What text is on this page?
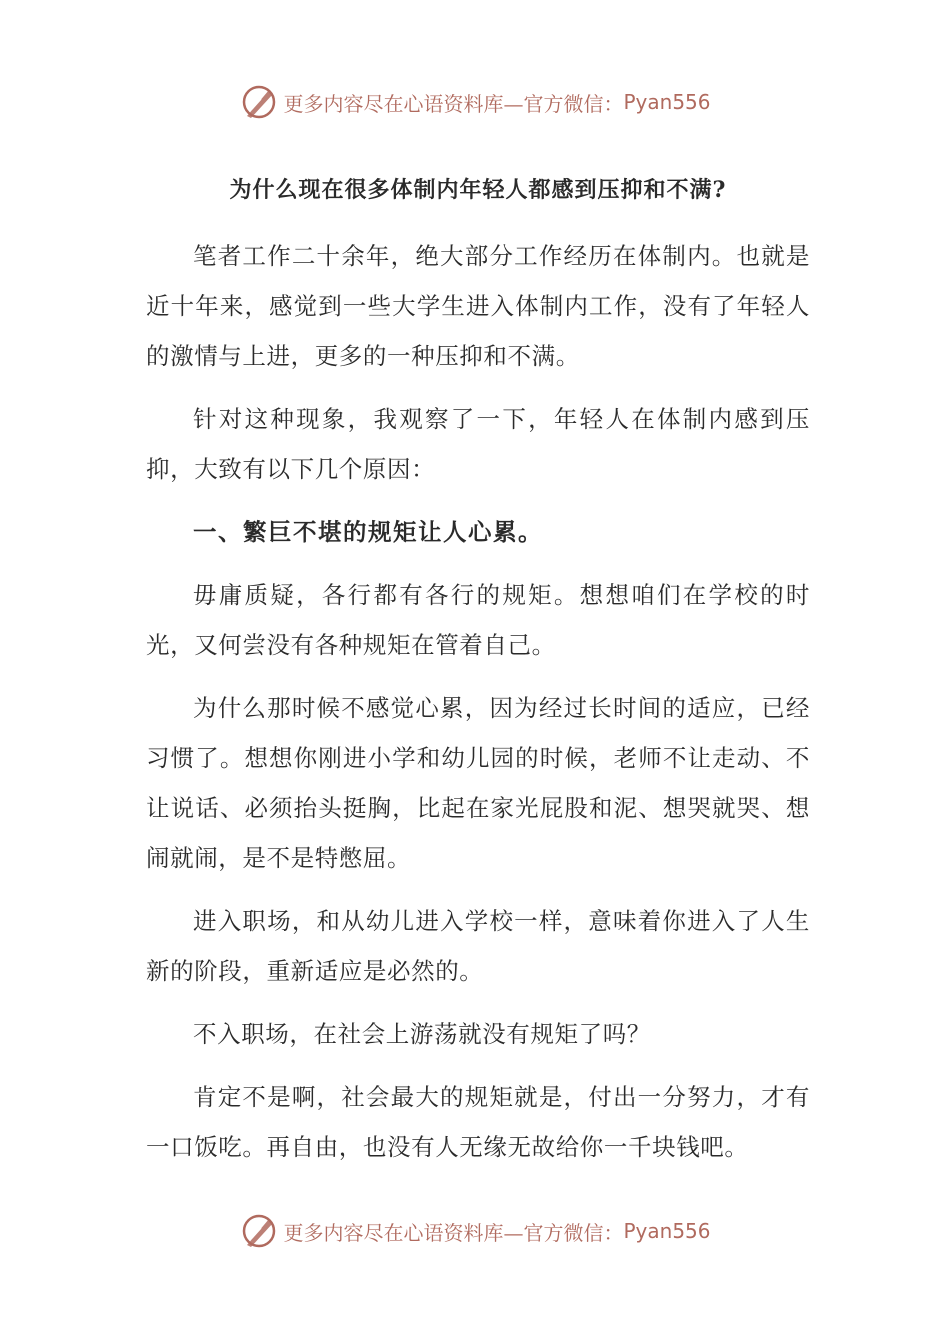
更多内容尽在心语资料库—官方微信： Pyan556
为什么现在很多体制内年轻人都感到压抑和不满?

笔者工作二十余年，绝大部分工作经历在体制内。也就是近十年来，感觉到一些大学生进入体制内工作，没有了年轻人的激情与上进，更多的一种压抑和不满。

针对这种现象，我观察了一下，年轻人在体制内感到压抑，大致有以下几个原因：

一、繁巨不堪的规矩让人心累。

毋庸质疑，各行都有各行的规矩。想想咱们在学校的时光，又何尝没有各种规矩在管着自己。

为什么那时候不感觉心累，因为经过长时间的适应，已经习惯了。想想你刚进小学和幼儿园的时候，老师不让走动、不让说话、必须抬头挺胸，比起在家光屁股和泥、想哭就哭、想闹就闹，是不是特憋屈。

进入职场，和从幼儿进入学校一样，意味着你进入了人生新的阶段，重新适应是必然的。

不入职场，在社会上游荡就没有规矩了吗？

肯定不是啊，社会最大的规矩就是，付出一分努力，才有一口饭吃。再自由，也没有人无缘无故给你一千块钱吧。

更多内容尽在心语资料库—官方微信： Pyan556
